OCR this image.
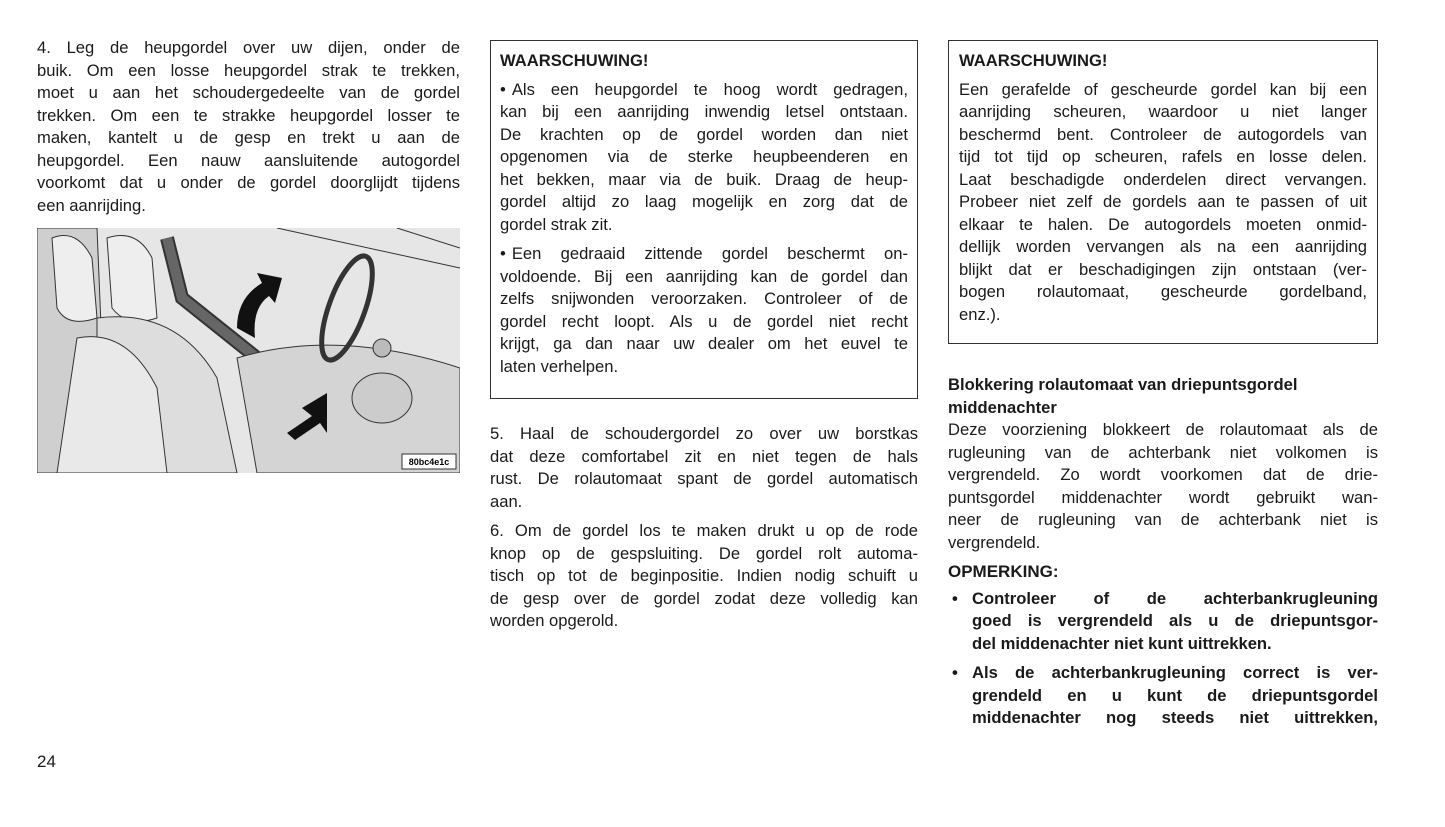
4. Leg de heupgordel over uw dijen, onder de
buik. Om een losse heupgordel strak te trekken,
moet u aan het schoudergedeelte van de gordel
trekken. Om een te strakke heupgordel losser te
maken, kantelt u de gesp en trekt u aan de
heupgordel. Een nauw aansluitende autogordel
voorkomt dat u onder de gordel doorglijdt tijdens
een aanrijding.
80bc4e1c
WAARSCHUWING!
• Als een heupgordel te hoog wordt gedragen,
kan bij een aanrijding inwendig letsel ontstaan.
De krachten op de gordel worden dan niet
opgenomen via de sterke heupbeenderen en
het bekken, maar via de buik. Draag de heup-
gordel altijd zo laag mogelijk en zorg dat de
gordel strak zit.
• Een gedraaid zittende gordel beschermt on-
voldoende. Bij een aanrijding kan de gordel dan
zelfs snijwonden veroorzaken. Controleer of de
gordel recht loopt. Als u de gordel niet recht
krijgt, ga dan naar uw dealer om het euvel te
laten verhelpen.
5. Haal de schoudergordel zo over uw borstkas
dat deze comfortabel zit en niet tegen de hals
rust. De rolautomaat spant de gordel automatisch
aan.
6. Om de gordel los te maken drukt u op de rode
knop op de gespsluiting. De gordel rolt automa-
tisch op tot de beginpositie. Indien nodig schuift u
de gesp over de gordel zodat deze volledig kan
worden opgerold.
WAARSCHUWING!
Een gerafelde of gescheurde gordel kan bij een
aanrijding scheuren, waardoor u niet langer
beschermd bent. Controleer de autogordels van
tijd tot tijd op scheuren, rafels en losse delen.
Laat beschadigde onderdelen direct vervangen.
Probeer niet zelf de gordels aan te passen of uit
elkaar te halen. De autogordels moeten onmid-
dellijk worden vervangen als na een aanrijding
blijkt dat er beschadigingen zijn ontstaan (ver-
bogen rolautomaat, gescheurde gordelband,
enz.).
Blokkering rolautomaat van driepuntsgordel
middenachter
Deze voorziening blokkeert de rolautomaat als de
rugleuning van de achterbank niet volkomen is
vergrendeld. Zo wordt voorkomen dat de drie-
puntsgordel middenachter wordt gebruikt wan-
neer de rugleuning van de achterbank niet is
vergrendeld.
OPMERKING:
• Controleer of de achterbankrugleuning
goed is vergrendeld als u de driepuntsgor-
del middenachter niet kunt uittrekken.
• Als de achterbankrugleuning correct is ver-
grendeld en u kunt de driepuntsgordel
middenachter nog steeds niet uittrekken,
24
